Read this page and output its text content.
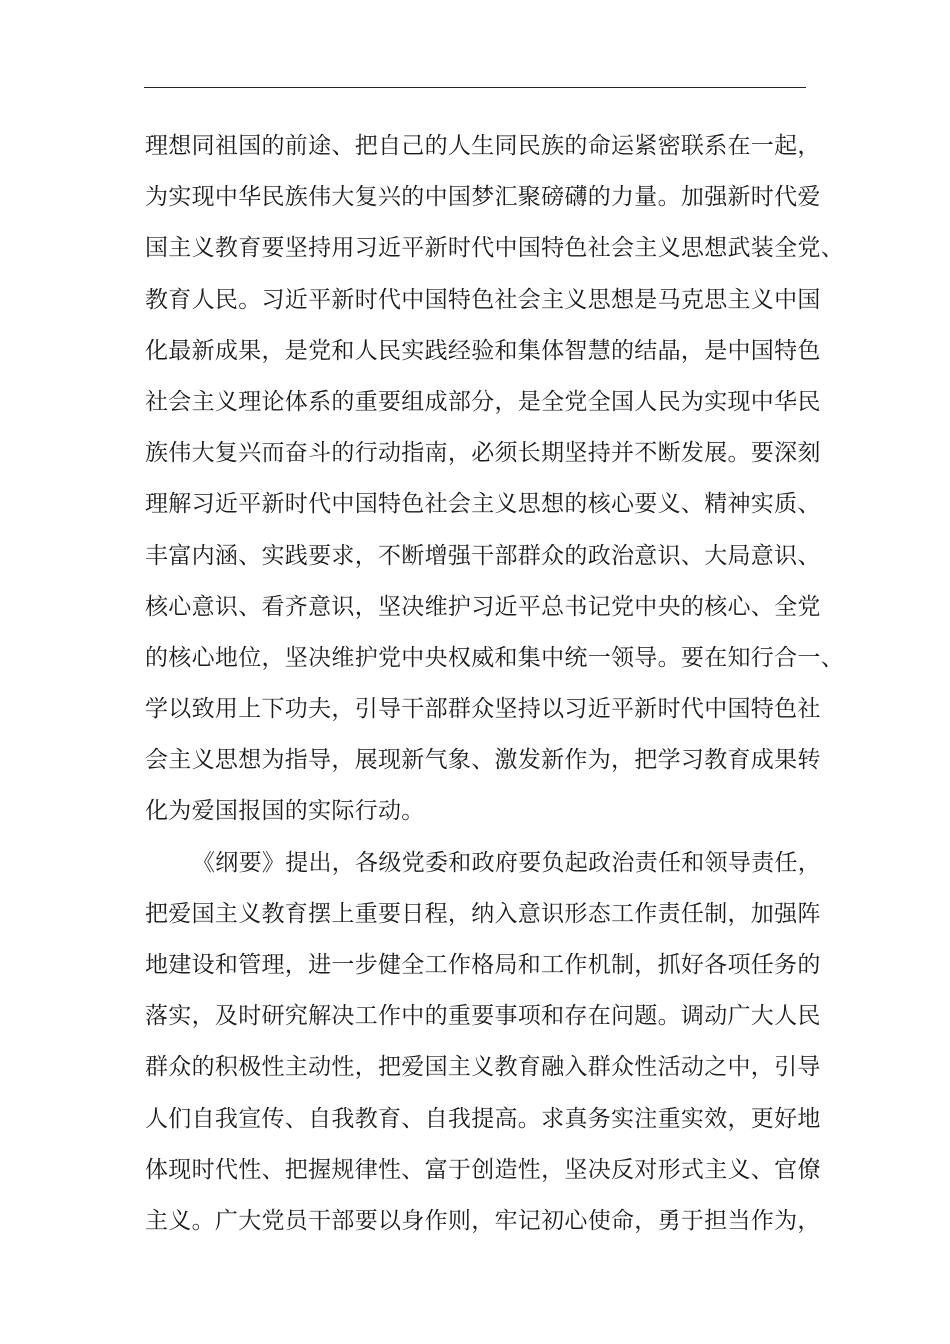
理想同祖国的前途、把自己的人生同民族的命运紧密联系在一起，
为实现中华民族伟大复兴的中国梦汇聚磅礴的力量。加强新时代爱
国主义教育要坚持用习近平新时代中国特色社会主义思想武装全党、
教育人民。习近平新时代中国特色社会主义思想是马克思主义中国
化最新成果，是党和人民实践经验和集体智慧的结晶，是中国特色
社会主义理论体系的重要组成部分，是全党全国人民为实现中华民
族伟大复兴而奋斗的行动指南，必须长期坚持并不断发展。要深刻
理解习近平新时代中国特色社会主义思想的核心要义、精神实质、
丰富内涵、实践要求，不断增强干部群众的政治意识、大局意识、
核心意识、看齐意识，坚决维护习近平总书记党中央的核心、全党
的核心地位，坚决维护党中央权威和集中统一领导。要在知行合一、
学以致用上下功夫，引导干部群众坚持以习近平新时代中国特色社
会主义思想为指导，展现新气象、激发新作为，把学习教育成果转
化为爱国报国的实际行动。
《纲要》提出，各级党委和政府要负起政治责任和领导责任，
把爱国主义教育摆上重要日程，纳入意识形态工作责任制，加强阵
地建设和管理，进一步健全工作格局和工作机制，抓好各项任务的
落实，及时研究解决工作中的重要事项和存在问题。调动广大人民
群众的积极性主动性，把爱国主义教育融入群众性活动之中，引导
人们自我宣传、自我教育、自我提高。求真务实注重实效，更好地
体现时代性、把握规律性、富于创造性，坚决反对形式主义、官僚
主义。广大党员干部要以身作则，牢记初心使命，勇于担当作为，
